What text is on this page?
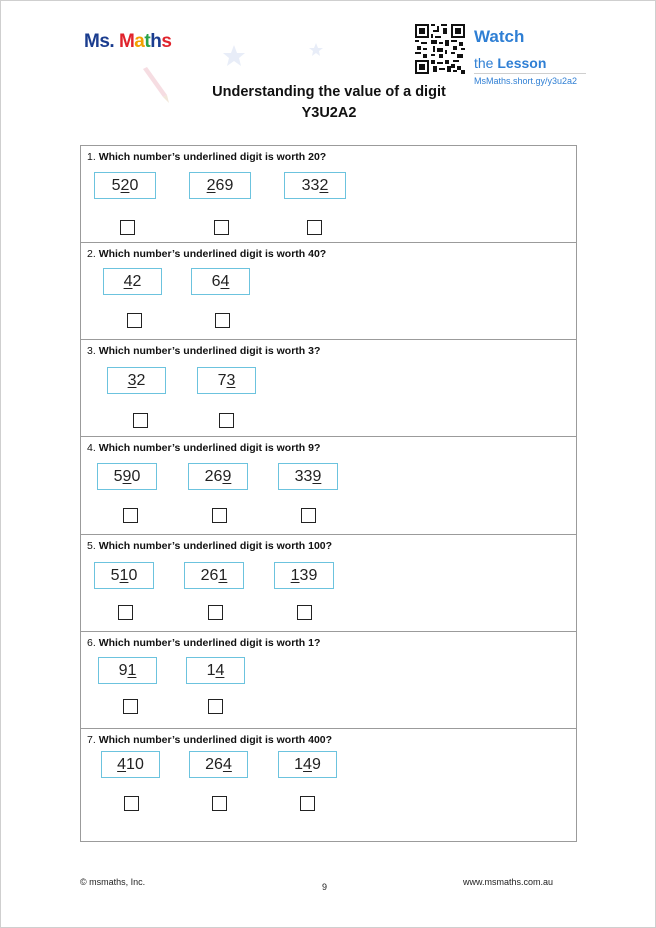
Ms. Maths	Watch
the Lesson
MsMaths.short.gy/y3u2a2
Understanding the value of a digit
Y3U2A2
1. Which number’s underlined digit is worth 20?
520	269	332
2. Which number’s underlined digit is worth 40?
42	64
3. Which number’s underlined digit is worth 3?
32	73
4. Which number’s underlined digit is worth 9?
590	269	339
5. Which number’s underlined digit is worth 100?
510	261	139
6. Which number’s underlined digit is worth 1?
91	14
7. Which number’s underlined digit is worth 400?
410	264	149
© msmaths, Inc.	9	www.msmaths.com.au
